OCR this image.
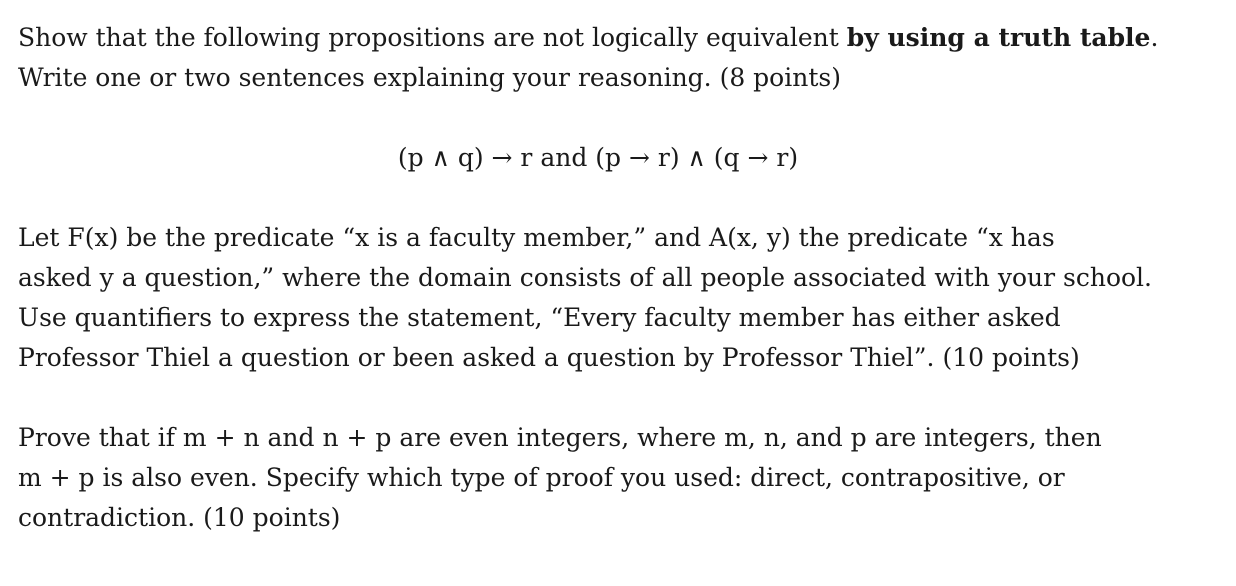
Show that the following propositions are not logically equivalent by using a truth table.
Write one or two sentences explaining your reasoning. (8 points)
(p ∧ q) → r and (p → r) ∧ (q → r)
Let F(x) be the predicate “x is a faculty member,” and A(x, y) the predicate “x has
asked y a question,” where the domain consists of all people associated with your school.
Use quantifiers to express the statement, “Every faculty member has either asked
Professor Thiel a question or been asked a question by Professor Thiel”. (10 points)
Prove that if m + n and n + p are even integers, where m, n, and p are integers, then
m + p is also even. Specify which type of proof you used: direct, contrapositive, or
contradiction. (10 points)
